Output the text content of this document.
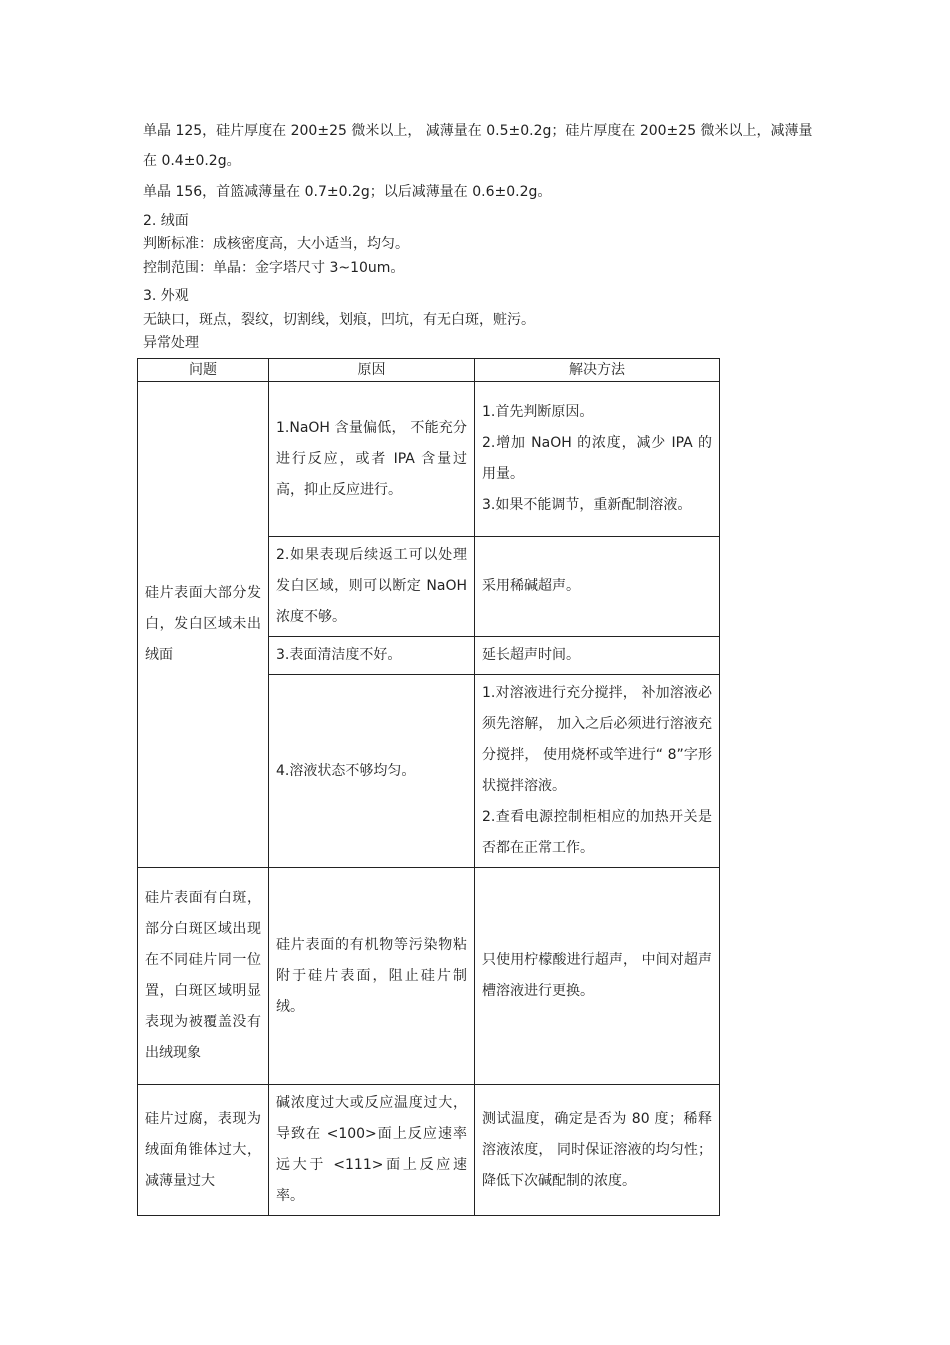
单晶 125，硅片厚度在 200±25 微米以上， 减薄量在 0.5±0.2g；硅片厚度在 200±25 微米以上，减薄量在 0.4±0.2g。
单晶 156，首篮减薄量在 0.7±0.2g；以后减薄量在 0.6±0.2g。
2. 绒面
判断标准：成核密度高，大小适当，均匀。
控制范围：单晶：金字塔尺寸 3~10um。
3. 外观
无缺口，斑点，裂纹，切割线，划痕，凹坑，有无白斑，赃污。
异常处理
问题	原因	解决方法
硅片表面大部分发白，发白区域未出绒面	1.NaOH 含量偏低， 不能充分进行反应，或者 IPA 含量过高，抑止反应进行。	1.首先判断原因。
2.增加 NaOH 的浓度，减少 IPA 的用量。
3.如果不能调节，重新配制溶液。

	2.如果表现后续返工可以处理发白区域，则可以断定 NaOH 浓度不够。	采用稀碱超声。
	3.表面清洁度不好。	延长超声时间。
	4.溶液状态不够均匀。	1.对溶液进行充分搅拌， 补加溶液必须先溶解， 加入之后必须进行溶液充分搅拌， 使用烧杯或竿进行“ 8”字形状搅拌溶液。
2.查看电源控制柜相应的加热开关是否都在正常工作。

硅片表面有白斑，部分白斑区域出现在不同硅片同一位置，白斑区域明显表现为被覆盖没有出绒现象	硅片表面的有机物等污染物粘附于硅片表面，阻止硅片制绒。	只使用柠檬酸进行超声， 中间对超声槽溶液进行更换。
硅片过腐，表现为绒面角锥体过大，减薄量过大	碱浓度过大或反应温度过大，导致在 <100>面上反应速率远大于 <111>面上反应速率。	测试温度，确定是否为 80 度；稀释溶液浓度， 同时保证溶液的均匀性；降低下次碱配制的浓度。
